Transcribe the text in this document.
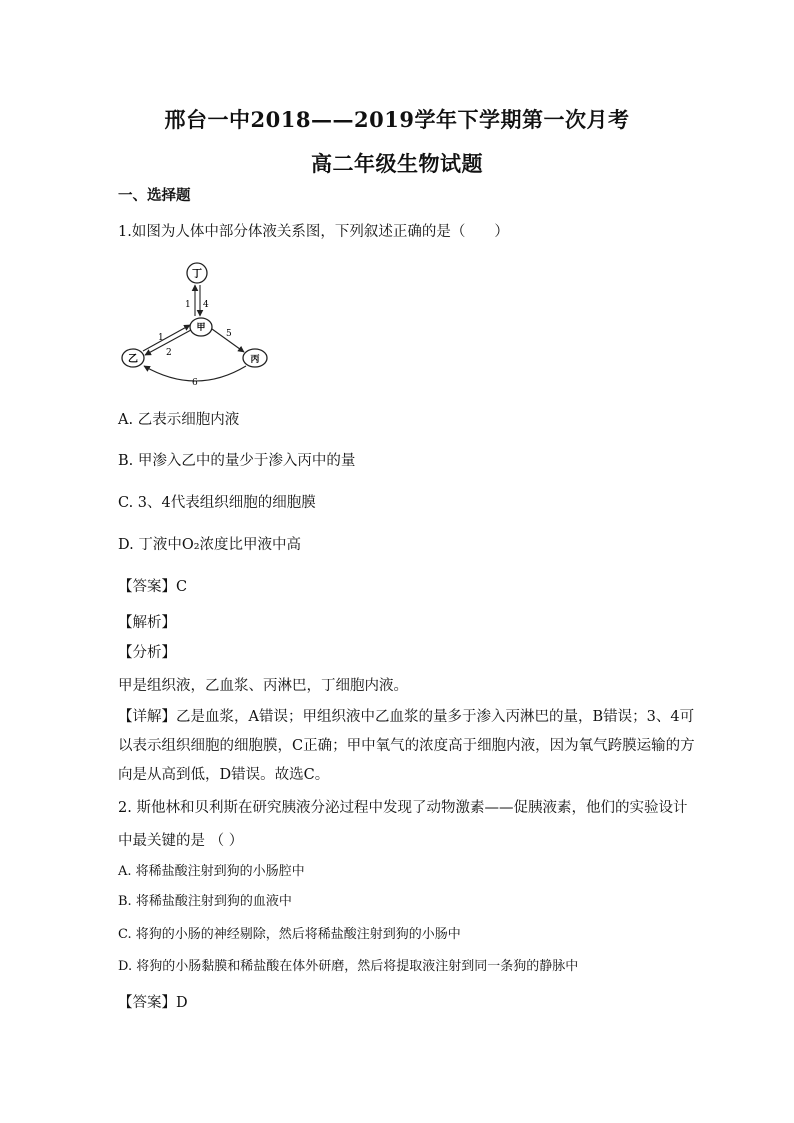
邢台一中2018——2019学年下学期第一次月考
高二年级生物试题
一、选择题
1.如图为人体中部分体液关系图，下列叙述正确的是（　　）
丁
甲
乙	丙
1 4
1
2
5
6
A. 乙表示细胞内液
B. 甲渗入乙中的量少于渗入丙中的量
C. 3、4代表组织细胞的细胞膜
D. 丁液中O₂浓度比甲液中高
【答案】C
【解析】
【分析】
甲是组织液，乙血浆、丙淋巴，丁细胞内液。
【详解】乙是血浆，A错误；甲组织液中乙血浆的量多于渗入丙淋巴的量，B错误；3、4可以表示组织细胞的细胞膜，C正确；甲中氧气的浓度高于细胞内液，因为氧气跨膜运输的方向是从高到低，D错误。故选C。
2. 斯他林和贝利斯在研究胰液分泌过程中发现了动物激素——促胰液素，他们的实验设计
中最关键的是 （ ）
A. 将稀盐酸注射到狗的小肠腔中
B. 将稀盐酸注射到狗的血液中
C. 将狗的小肠的神经剔除，然后将稀盐酸注射到狗的小肠中
D. 将狗的小肠黏膜和稀盐酸在体外研磨，然后将提取液注射到同一条狗的静脉中
【答案】D
